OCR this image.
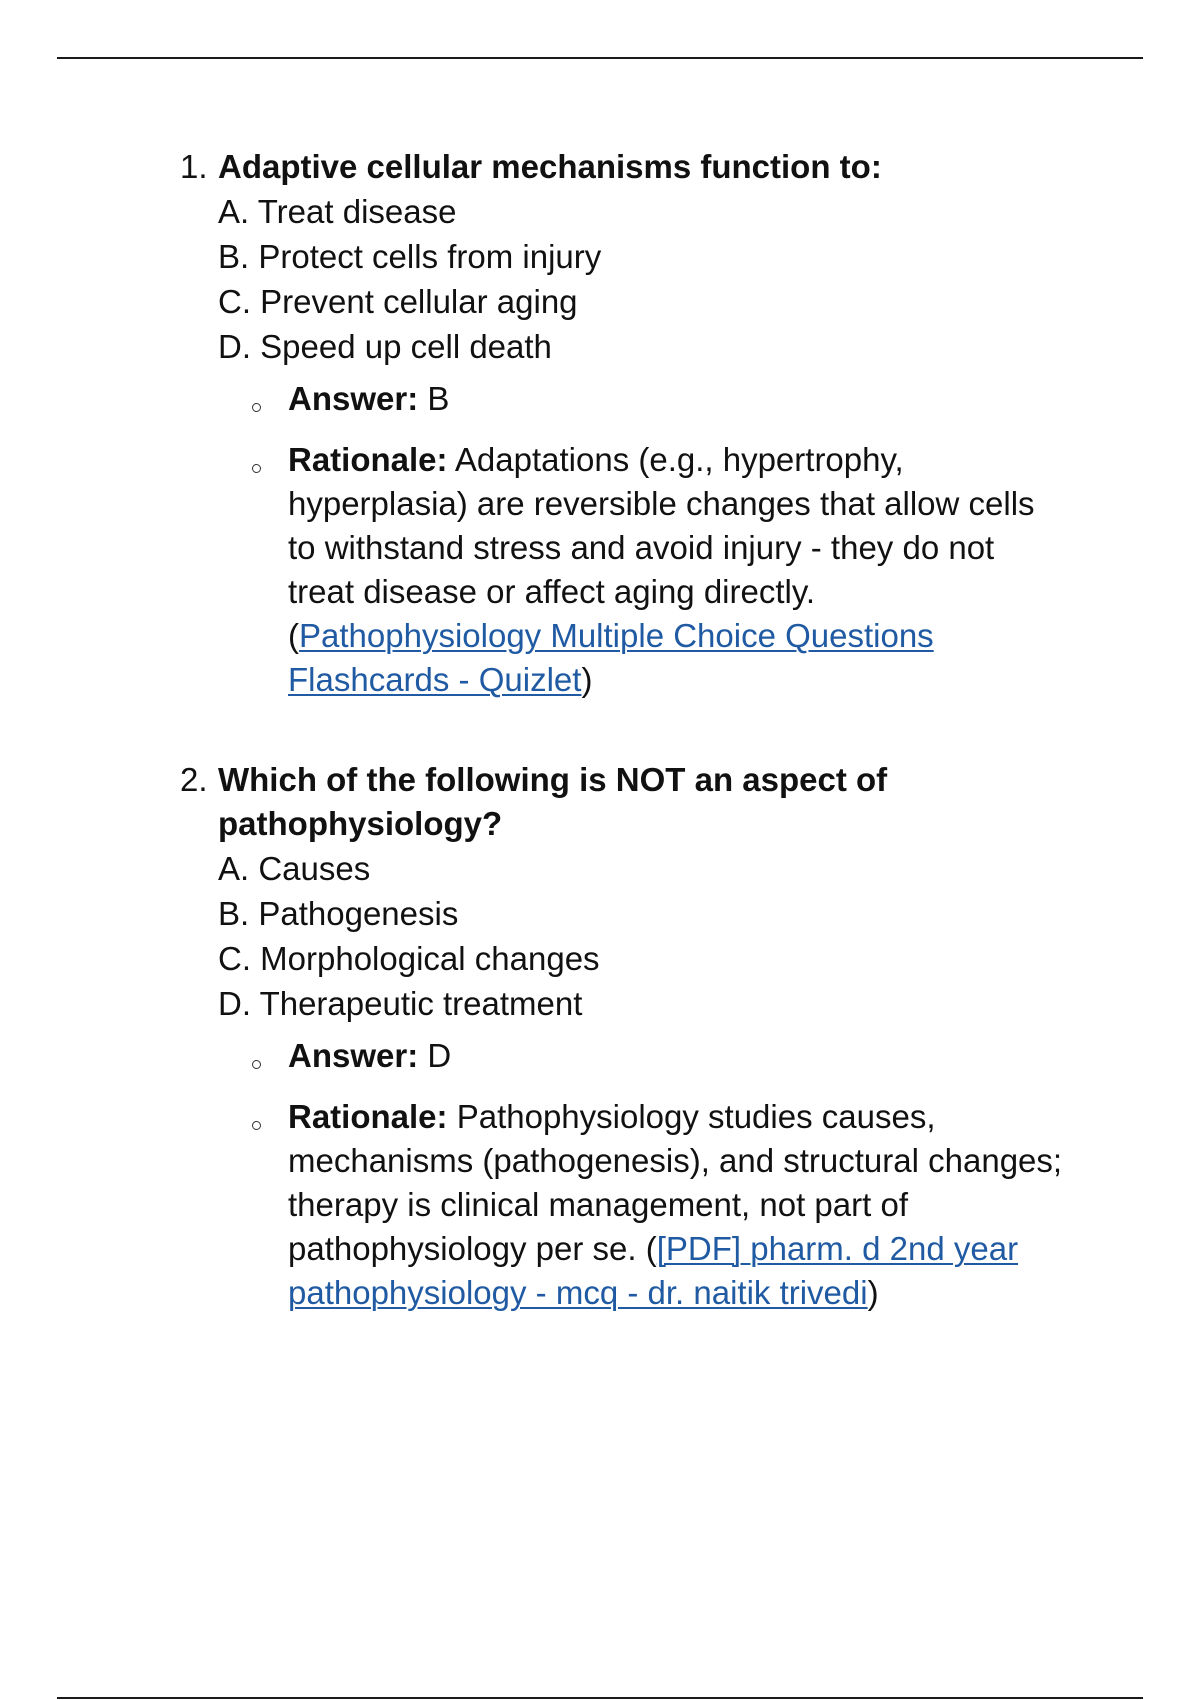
1. Adaptive cellular mechanisms function to:
A. Treat disease
B. Protect cells from injury
C. Prevent cellular aging
D. Speed up cell death
Answer: B
Rationale: Adaptations (e.g., hypertrophy, hyperplasia) are reversible changes that allow cells to withstand stress and avoid injury - they do not treat disease or affect aging directly. (Pathophysiology Multiple Choice Questions Flashcards - Quizlet)
2. Which of the following is NOT an aspect of pathophysiology?
A. Causes
B. Pathogenesis
C. Morphological changes
D. Therapeutic treatment
Answer: D
Rationale: Pathophysiology studies causes, mechanisms (pathogenesis), and structural changes; therapy is clinical management, not part of pathophysiology per se. ([PDF] pharm. d 2nd year pathophysiology - mcq - dr. naitik trivedi)
